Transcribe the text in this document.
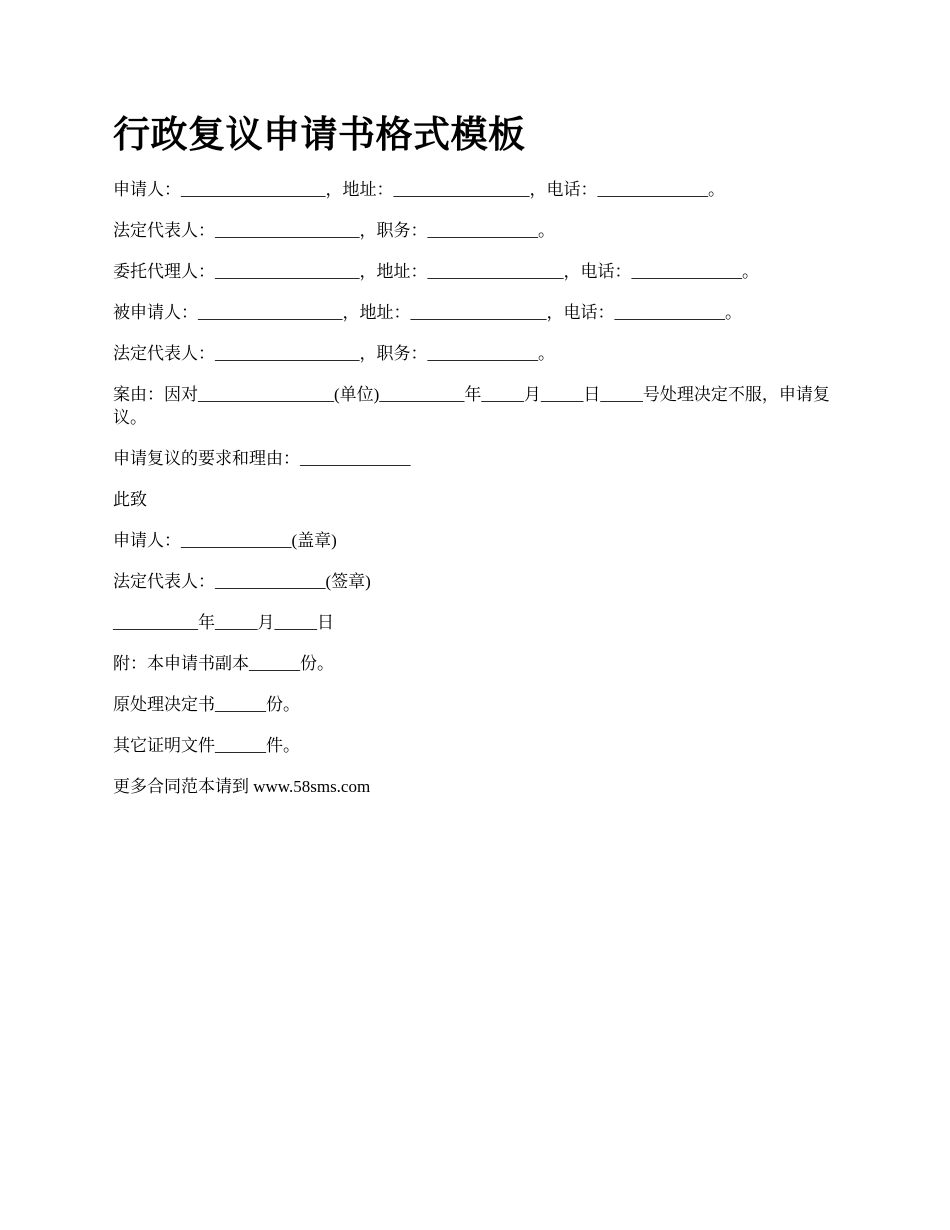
行政复议申请书格式模板

申请人：_________________，地址：________________，电话：_____________。

法定代表人：_________________，职务：_____________。

委托代理人：_________________，地址：________________，电话：_____________。

被申请人：_________________，地址：________________，电话：_____________。

法定代表人：_________________，职务：_____________。

案由：因对________________(单位)__________年_____月_____日_____号处理决定不服，申请复议。

申请复议的要求和理由：_____________

此致

申请人：_____________(盖章)

法定代表人：_____________(签章)

__________年_____月_____日

附：本申请书副本______份。

原处理决定书______份。

其它证明文件______件。

更多合同范本请到 www.58sms.com
